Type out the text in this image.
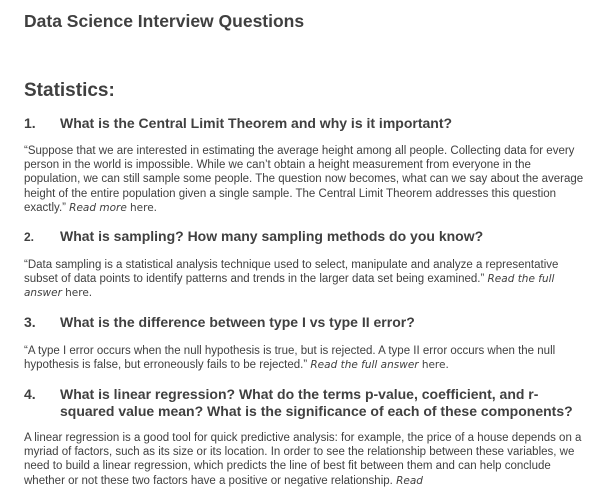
Data Science Interview Questions
Statistics:
1.	What is the Central Limit Theorem and why is it important?

“Suppose that we are interested in estimating the average height among all people. Collecting data for every person in the world is impossible. While we can’t obtain a height measurement from everyone in the population, we can still sample some people. The question now becomes, what can we say about the average height of the entire population given a single sample. The Central Limit Theorem addresses this question exactly.” Read more here.

2.	What is sampling? How many sampling methods do you know?

“Data sampling is a statistical analysis technique used to select, manipulate and analyze a representative subset of data points to identify patterns and trends in the larger data set being examined.” Read the full answer here.

3.	What is the difference between type I vs type II error?

“A type I error occurs when the null hypothesis is true, but is rejected. A type II error occurs when the null hypothesis is false, but erroneously fails to be rejected.” Read the full answer here.

4.	What is linear regression? What do the terms p-value, coefficient, and r-squared value mean? What is the significance of each of these components?

A linear regression is a good tool for quick predictive analysis: for example, the price of a house depends on a myriad of factors, such as its size or its location. In order to see the relationship between these variables, we need to build a linear regression, which predicts the line of best fit between them and can help conclude whether or not these two factors have a positive or negative relationship. Read
